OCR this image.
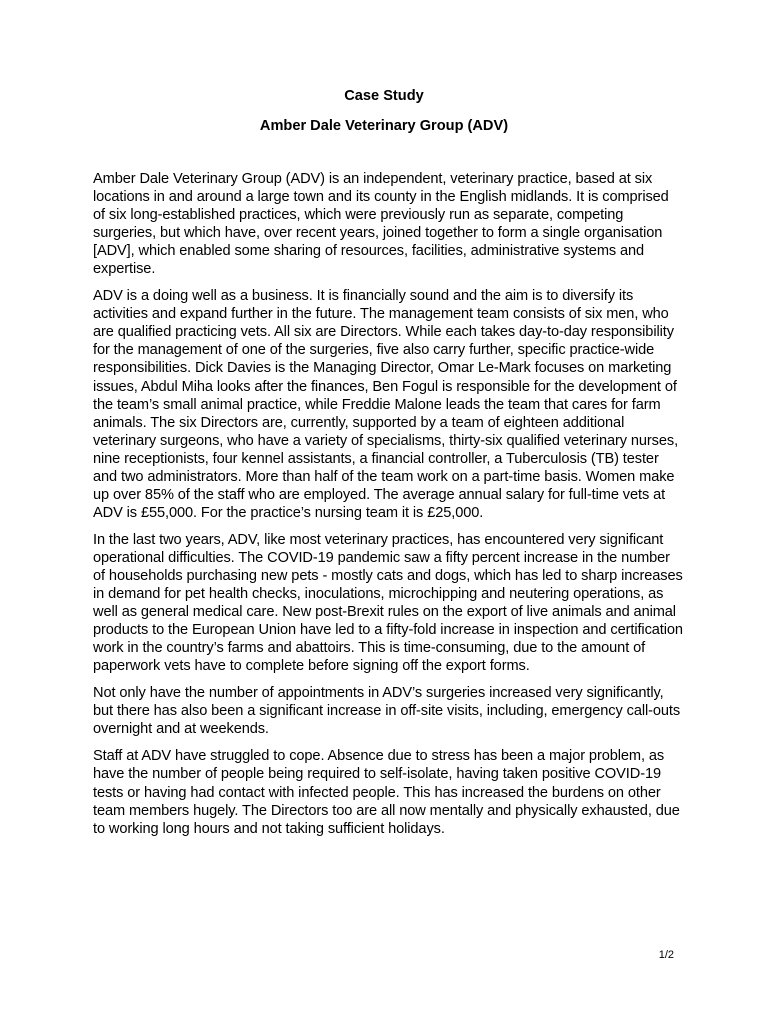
Case Study
Amber Dale Veterinary Group (ADV)

Amber Dale Veterinary Group (ADV) is an independent, veterinary practice, based at six locations in and around a large town and its county in the English midlands. It is comprised of six long-established practices, which were previously run as separate, competing surgeries, but which have, over recent years, joined together to form a single organisation [ADV], which enabled some sharing of resources, facilities, administrative systems and expertise.

ADV is a doing well as a business. It is financially sound and the aim is to diversify its activities and expand further in the future. The management team consists of six men, who are qualified practicing vets. All six are Directors. While each takes day-to-day responsibility for the management of one of the surgeries, five also carry further, specific practice-wide responsibilities. Dick Davies is the Managing Director, Omar Le-Mark focuses on marketing issues, Abdul Miha looks after the finances, Ben Fogul is responsible for the development of the team’s small animal practice, while Freddie Malone leads the team that cares for farm animals. The six Directors are, currently, supported by a team of eighteen additional veterinary surgeons, who have a variety of specialisms, thirty-six qualified veterinary nurses, nine receptionists, four kennel assistants, a financial controller, a Tuberculosis (TB) tester and two administrators. More than half of the team work on a part-time basis. Women make up over 85% of the staff who are employed. The average annual salary for full-time vets at ADV is £55,000. For the practice’s nursing team it is £25,000.

In the last two years, ADV, like most veterinary practices, has encountered very significant operational difficulties. The COVID-19 pandemic saw a fifty percent increase in the number of households purchasing new pets - mostly cats and dogs, which has led to sharp increases in demand for pet health checks, inoculations, microchipping and neutering operations, as well as general medical care. New post-Brexit rules on the export of live animals and animal products to the European Union have led to a fifty-fold increase in inspection and certification work in the country’s farms and abattoirs. This is time-consuming, due to the amount of paperwork vets have to complete before signing off the export forms.

Not only have the number of appointments in ADV’s surgeries increased very significantly, but there has also been a significant increase in off-site visits, including, emergency call-outs overnight and at weekends.

Staff at ADV have struggled to cope. Absence due to stress has been a major problem, as have the number of people being required to self-isolate, having taken positive COVID-19 tests or having had contact with infected people. This has increased the burdens on other team members hugely. The Directors too are all now mentally and physically exhausted, due to working long hours and not taking sufficient holidays.

1/2
